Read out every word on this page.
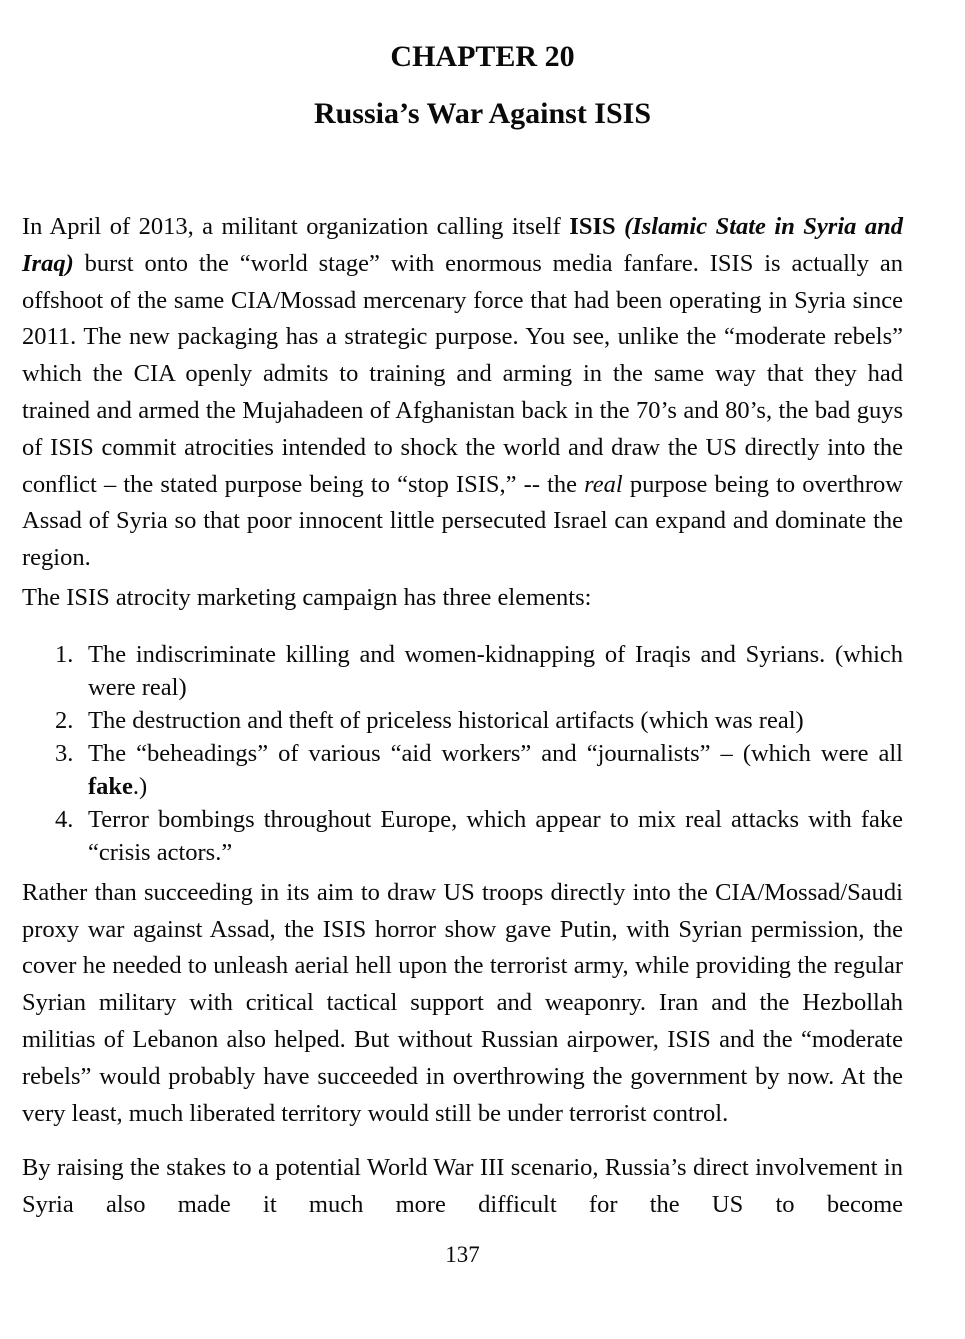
CHAPTER 20
Russia’s War Against ISIS

In April of 2013, a militant organization calling itself ISIS (Islamic State in Syria and Iraq) burst onto the “world stage” with enormous media fanfare. ISIS is actually an offshoot of the same CIA/Mossad mercenary force that had been operating in Syria since 2011. The new packaging has a strategic purpose. You see, unlike the “moderate rebels” which the CIA openly admits to training and arming in the same way that they had trained and armed the Mujahadeen of Afghanistan back in the 70’s and 80’s, the bad guys of ISIS commit atrocities intended to shock the world and draw the US directly into the conflict – the stated purpose being to “stop ISIS,” -- the real purpose being to overthrow Assad of Syria so that poor innocent little persecuted Israel can expand and dominate the region.

The ISIS atrocity marketing campaign has three elements:

1. The indiscriminate killing and women-kidnapping of Iraqis and Syrians. (which were real)
2. The destruction and theft of priceless historical artifacts (which was real)
3. The “beheadings” of various “aid workers” and “journalists” – (which were all fake.)
4. Terror bombings throughout Europe, which appear to mix real attacks with fake “crisis actors.”

Rather than succeeding in its aim to draw US troops directly into the CIA/Mossad/Saudi proxy war against Assad, the ISIS horror show gave Putin, with Syrian permission, the cover he needed to unleash aerial hell upon the terrorist army, while providing the regular Syrian military with critical tactical support and weaponry. Iran and the Hezbollah militias of Lebanon also helped. But without Russian airpower, ISIS and the “moderate rebels” would probably have succeeded in overthrowing the government by now. At the very least, much liberated territory would still be under terrorist control.

By raising the stakes to a potential World War III scenario, Russia’s direct involvement in Syria also made it much more difficult for the US to become

137
